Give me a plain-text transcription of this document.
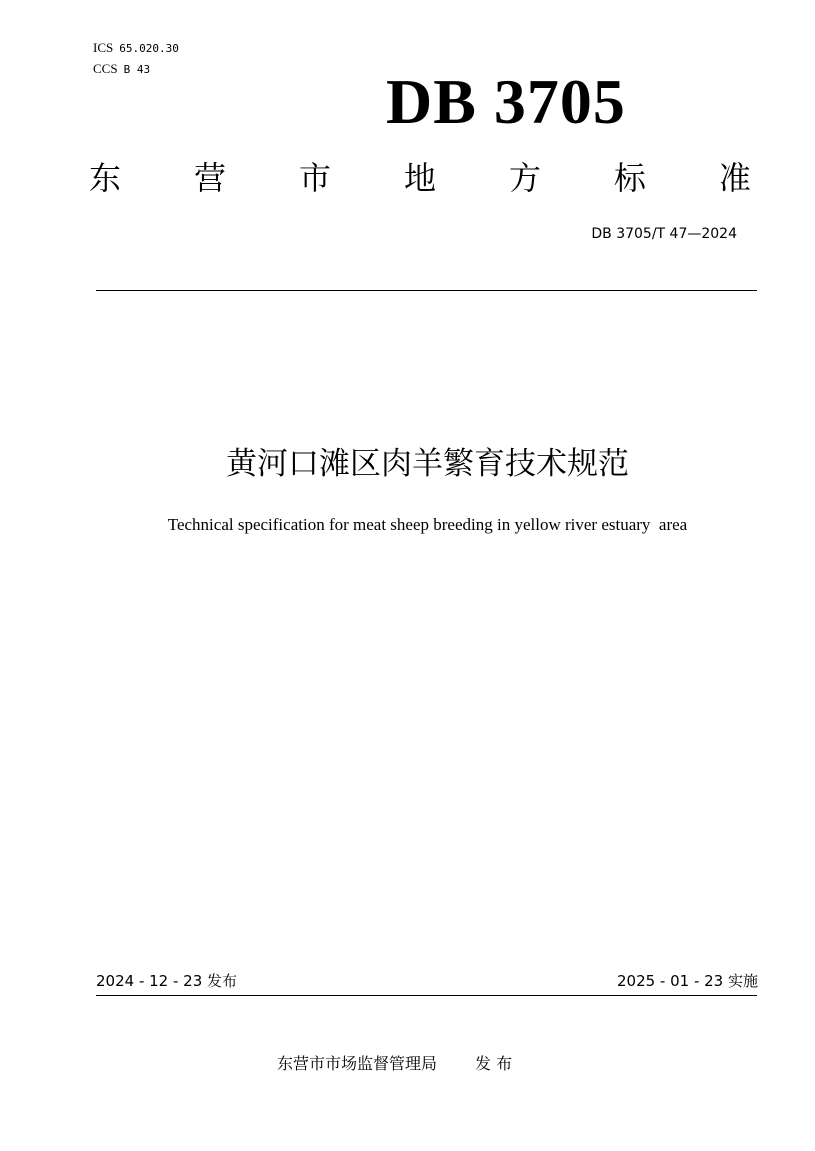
ICS 65.020.30
CCS B 43	DB 3705
东 营 市 地 方 标 准
DB 3705/T 47—2024
黄河口滩区肉羊繁育技术规范
Technical specification for meat sheep breeding in yellow river estuary  area
2024 - 12 - 23 发布	2025 - 01 - 23 实施
东营市市场监督管理局 发 布
